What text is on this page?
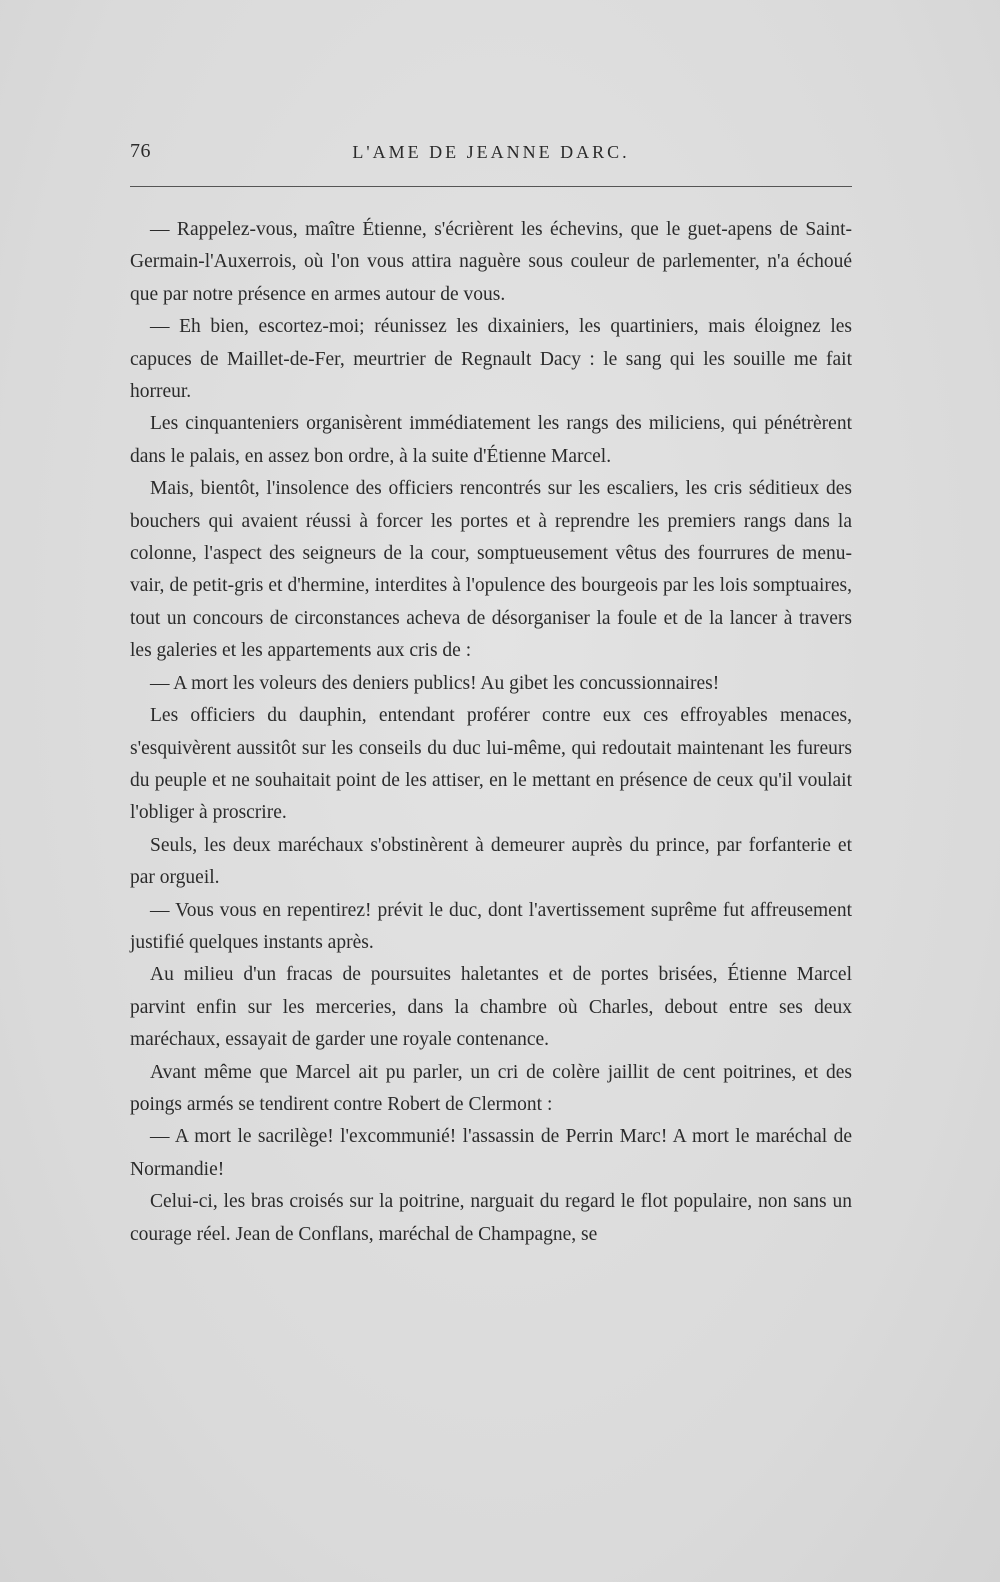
76	L'AME DE JEANNE DARC.

— Rappelez-vous, maître Étienne, s'écrièrent les échevins, que le guet-apens de Saint-Germain-l'Auxerrois, où l'on vous attira naguère sous couleur de parlementer, n'a échoué que par notre présence en armes autour de vous.

— Eh bien, escortez-moi; réunissez les dixainiers, les quartiniers, mais éloignez les capuces de Maillet-de-Fer, meurtrier de Regnault Dacy : le sang qui les souille me fait horreur.

Les cinquanteniers organisèrent immédiatement les rangs des miliciens, qui pénétrèrent dans le palais, en assez bon ordre, à la suite d'Étienne Marcel.

Mais, bientôt, l'insolence des officiers rencontrés sur les escaliers, les cris séditieux des bouchers qui avaient réussi à forcer les portes et à reprendre les premiers rangs dans la colonne, l'aspect des seigneurs de la cour, somptueusement vêtus des fourrures de menu-vair, de petit-gris et d'hermine, interdites à l'opulence des bourgeois par les lois somptuaires, tout un concours de circonstances acheva de désorganiser la foule et de la lancer à travers les galeries et les appartements aux cris de :

— A mort les voleurs des deniers publics! Au gibet les concussionnaires!

Les officiers du dauphin, entendant proférer contre eux ces effroyables menaces, s'esquivèrent aussitôt sur les conseils du duc lui-même, qui redoutait maintenant les fureurs du peuple et ne souhaitait point de les attiser, en le mettant en présence de ceux qu'il voulait l'obliger à proscrire.

Seuls, les deux maréchaux s'obstinèrent à demeurer auprès du prince, par forfanterie et par orgueil.

— Vous vous en repentirez! prévit le duc, dont l'avertissement suprême fut affreusement justifié quelques instants après.

Au milieu d'un fracas de poursuites haletantes et de portes brisées, Étienne Marcel parvint enfin sur les merceries, dans la chambre où Charles, debout entre ses deux maréchaux, essayait de garder une royale contenance.

Avant même que Marcel ait pu parler, un cri de colère jaillit de cent poitrines, et des poings armés se tendirent contre Robert de Clermont :

— A mort le sacrilège! l'excommunié! l'assassin de Perrin Marc! A mort le maréchal de Normandie!

Celui-ci, les bras croisés sur la poitrine, narguait du regard le flot populaire, non sans un courage réel. Jean de Conflans, maréchal de Champagne, se
